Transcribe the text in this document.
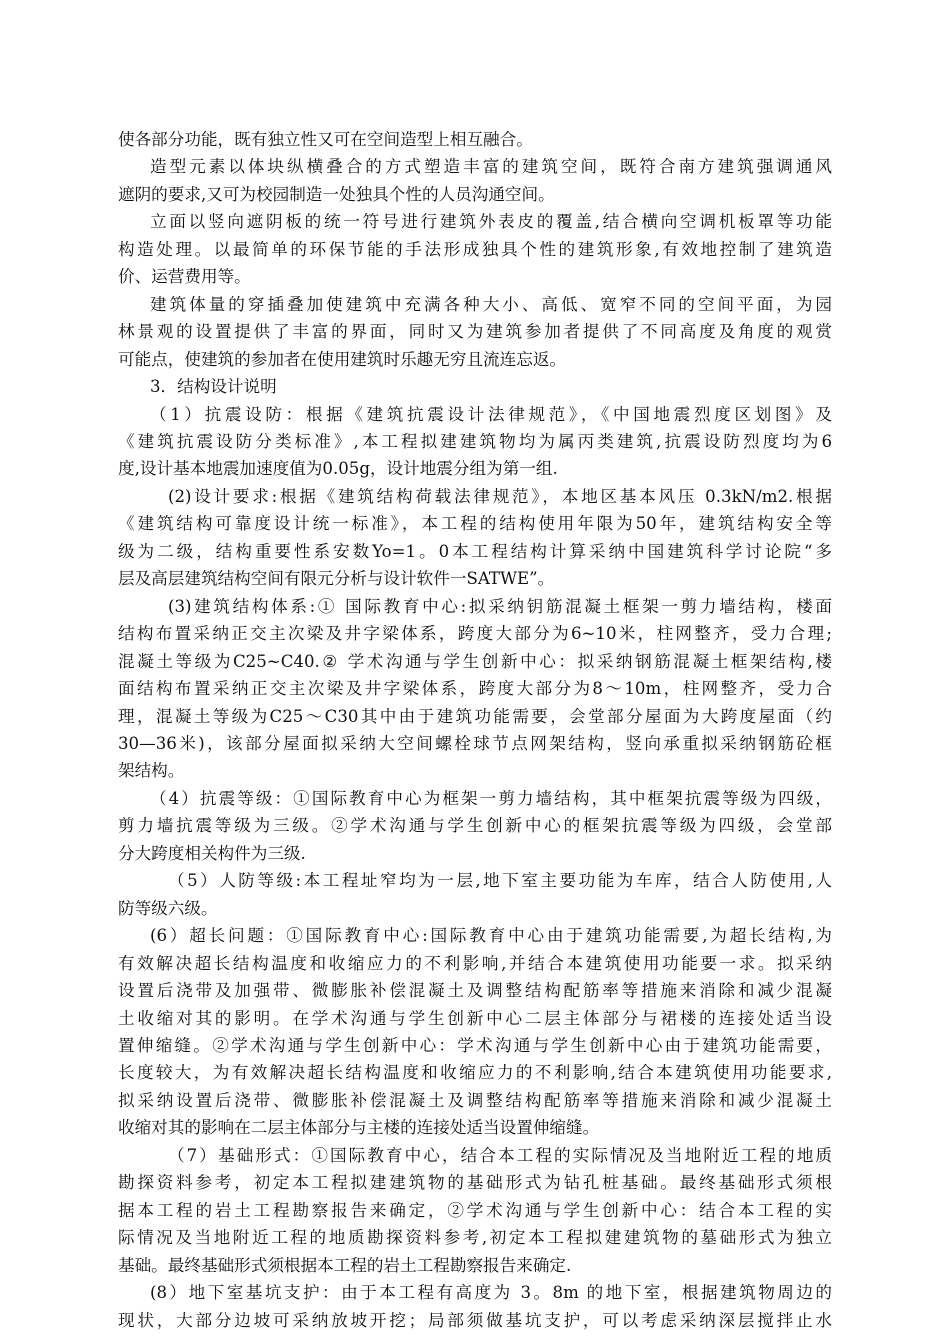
使各部分功能，既有独立性又可在空间造型上相互融合。
造型元素以体块纵横叠合的方式塑造丰富的建筑空间，既符合南方建筑强调通风
遮阴的要求,又可为校园制造一处独具个性的人员沟通空间。
立面以竖向遮阴板的统一符号进行建筑外表皮的覆盖,结合横向空调机板罩等功能
构造处理。以最简单的环保节能的手法形成独具个性的建筑形象,有效地控制了建筑造
价、运营费用等。
建筑体量的穿插叠加使建筑中充满各种大小、高低、宽窄不同的空间平面，为园
林景观的设置提供了丰富的界面，同时又为建筑参加者提供了不同高度及角度的观赏
可能点，使建筑的参加者在使用建筑时乐趣无穷且流连忘返。
3．结构设计说明
（1）抗震设防：根据《建筑抗震设计法律规范》，《中国地震烈度区划图》及
《建筑抗震设防分类标准》,本工程拟建建筑物均为属丙类建筑,抗震设防烈度均为6
度,设计基本地震加速度值为0.05g，设计地震分组为第一组.
(2)设计要求:根据《建筑结构荷载法律规范》，本地区基本风压 0.3kN/m2.根据
《建筑结构可靠度设计统一标准》，本工程的结构使用年限为50年，建筑结构安全等
级为二级，结构重要性系安数Yo=1。0本工程结构计算采纳中国建筑科学讨论院“多
层及高层建筑结构空间有限元分析与设计软件一SATWE”。
(3)建筑结构体系:① 国际教育中心:拟采纳钥筋混凝土框架一剪力墙结构，楼面
结构布置采纳正交主次梁及井字梁体系，跨度大部分为6~10米，柱网整齐，受力合理;
混凝土等级为C25~C40.② 学术沟通与学生创新中心：拟采纳钢筋混凝土框架结构,楼
面结构布置采纳正交主次梁及井字梁体系，跨度大部分为8～10m，柱网整齐，受力合
理，混凝土等级为C25～C30其中由于建筑功能需要，会堂部分屋面为大跨度屋面（约
30—36米)，该部分屋面拟采纳大空间螺栓球节点网架结构，竖向承重拟采纳钢筋砼框
架结构。
（4）抗震等级：①国际教育中心为框架一剪力墙结构，其中框架抗震等级为四级，
剪力墙抗震等级为三级。②学术沟通与学生创新中心的框架抗震等级为四级，会堂部
分大跨度相关构件为三级.
（5）人防等级:本工程址窄均为一层,地下室主要功能为车库，结合人防使用,人
防等级六级。
(6）超长问题：①国际教育中心:国际教育中心由于建筑功能需要,为超长结构,为
有效解决超长结构温度和收缩应力的不利影响,并结合本建筑使用功能要一求。拟采纳
设置后浇带及加强带、微膨胀补偿混凝土及调整结构配筋率等措施来消除和减少混凝
土收缩对其的影明。在学术沟通与学生创新中心二层主体部分与裙楼的连接处适当设
置伸缩缝。②学术沟通与学生创新中心：学术沟通与学生创新中心由于建筑功能需要，
长度较大，为有效解决超长结构温度和收缩应力的不利影响,结合本建筑使用功能要求,
拟采纳设置后浇带、微膨胀补偿混凝土及调整结构配筋率等措施来消除和减少混凝土
收缩对其的影响在二层主体部分与主楼的连接处适当设置伸缩缝。
（7）基础形式：①国际教育中心，结合本工程的实际情况及当地附近工程的地质
勘探资料参考，初定本工程拟建建筑物的基础形式为钻孔桩基础。最终基础形式须根
据本工程的岩土工程勘察报告来确定，②学术沟通与学生创新中心：结合本工程的实
际情况及当地附近工程的地质勘探资料参考,初定本工程拟建建筑物的墓础形式为独立
基础。最终基础形式须根据本工程的岩土工程勘察报告来确定.
(8）地下室基坑支护：由于本工程有高度为 3。8m 的地下室，根据建筑物周边的
现状，大部分边坡可采纳放坡开挖；局部须做基坑支护，可以考虑采纳深层搅拌止水
